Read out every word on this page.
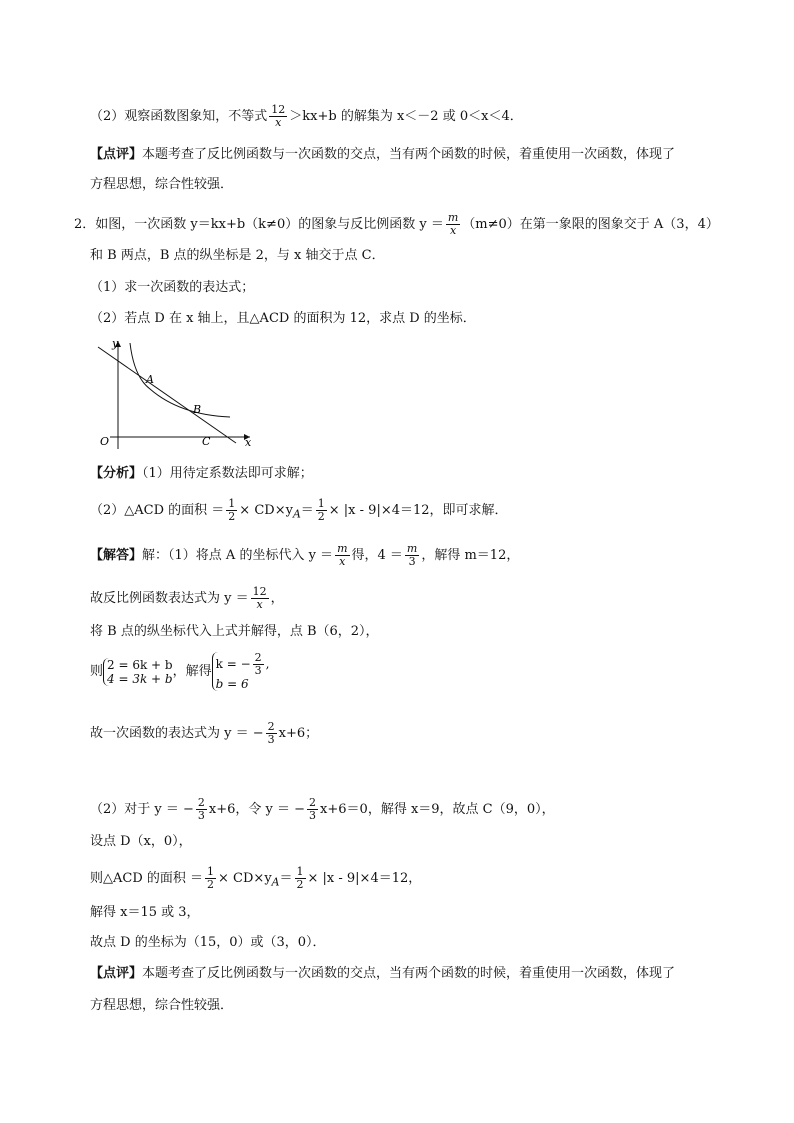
（2）观察函数图象知，不等式 $\frac{12}{x} >kx+b$ 的解集为 x＜－2 或 0＜x＜4．
【点评】本题考查了反比例函数与一次函数的交点，当有两个函数的时候，着重使用一次函数，体现了
方程思想，综合性较强．
2．如图，一次函数 y＝kx+b（k≠0）的图象与反比例函数 $y = \frac{m}{x} (m\ne 0)$在第一象限的图象交于 A（3，4）
和 B 两点，B 点的纵坐标是 2，与 x 轴交于点 C．
（1）求一次函数的表达式；
（2）若点 D 在 x 轴上，且△ACD 的面积为 12，求点 D 的坐标．
y
x
O
A
B
C
【分析】（1）用待定系数法即可求解；
（2）△ACD 的面积 ＝ $\frac{1}{2} \times CD\times y_A= \frac{1}{2} \times |x - 9|\times 4=12$，即可求解．
【解答】解：（1）将点 A 的坐标代入 $y = \frac{m}{x}$ 得，$4 = \frac{m}{3}$ ，解得 m＝12，
故反比例函数表达式为 $y = \frac{12}{x}$ ，
将 B 点的纵坐标代入上式并解得，点 B（6，2），
则 2 = 6k + b
4 = 3k + b ，解得 k = − $\frac{2}{3}$ ,
b = 6
故一次函数的表达式为 y ＝ − $\frac{2}{3} x+6$；
（2）对于 y ＝ − $\frac{2}{3} x+6$，令 y ＝ − $\frac{2}{3} x+6=0$，解得 x＝9，故点 C（9，0），
设点 D（x，0），
则△ACD 的面积 ＝ $\frac{1}{2} \times CD\times y_A= \frac{1}{2} \times |x - 9|\times 4=12$，
解得 x＝15 或 3，
故点 D 的坐标为（15，0）或（3，0）．
【点评】本题考查了反比例函数与一次函数的交点，当有两个函数的时候，着重使用一次函数，体现了
方程思想，综合性较强．
